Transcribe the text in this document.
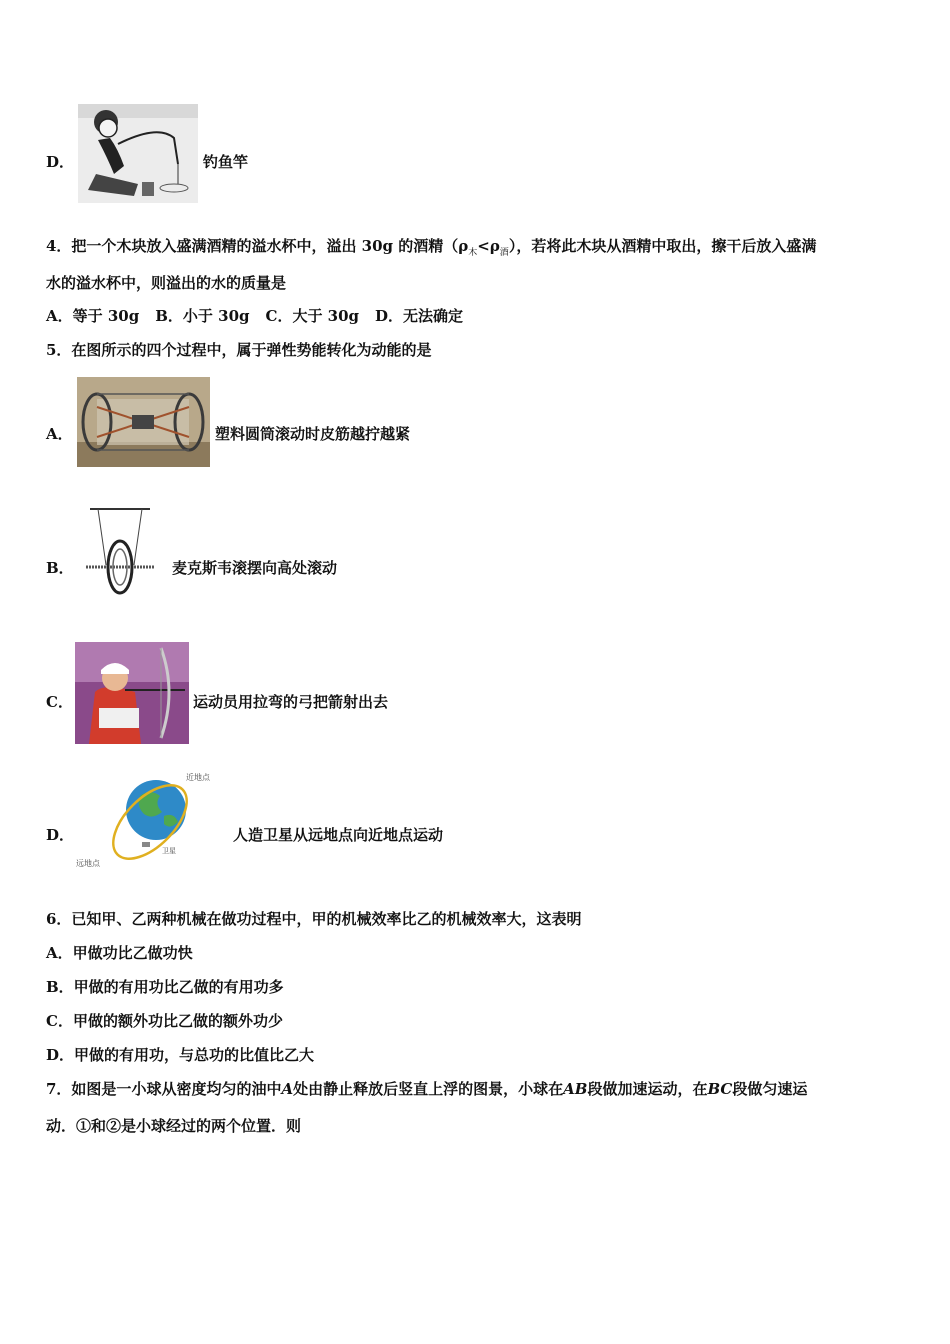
D．	钓鱼竿
4．把一个木块放入盛满酒精的溢水杯中，溢出 30g 的酒精$(\rho_木<\rho_酒)$，若将此木块从酒精中取出，擦干后放入盛满
水的溢水杯中，则溢出的水的质量是
A．等于 30g B．小于 30g C．大于 30g D．无法确定
5．在图所示的四个过程中，属于弹性势能转化为动能的是
A．	塑料圆筒滚动时皮筋越拧越紧
B．	麦克斯韦滚摆向高处滚动
C．	运动员用拉弯的弓把箭射出去
D．
近地点
远地点
卫星
人造卫星从远地点向近地点运动
6．已知甲、乙两种机械在做功过程中，甲的机械效率比乙的机械效率大，这表明
A．甲做功比乙做功快
B．甲做的有用功比乙做的有用功多
C．甲做的额外功比乙做的额外功少
D．甲做的有用功，与总功的比值比乙大
7．如图是一小球从密度均匀的油中A处由静止释放后竖直上浮的图景，小球在AB段做加速运动，在BC段做匀速运
动．①和②是小球经过的两个位置．则
